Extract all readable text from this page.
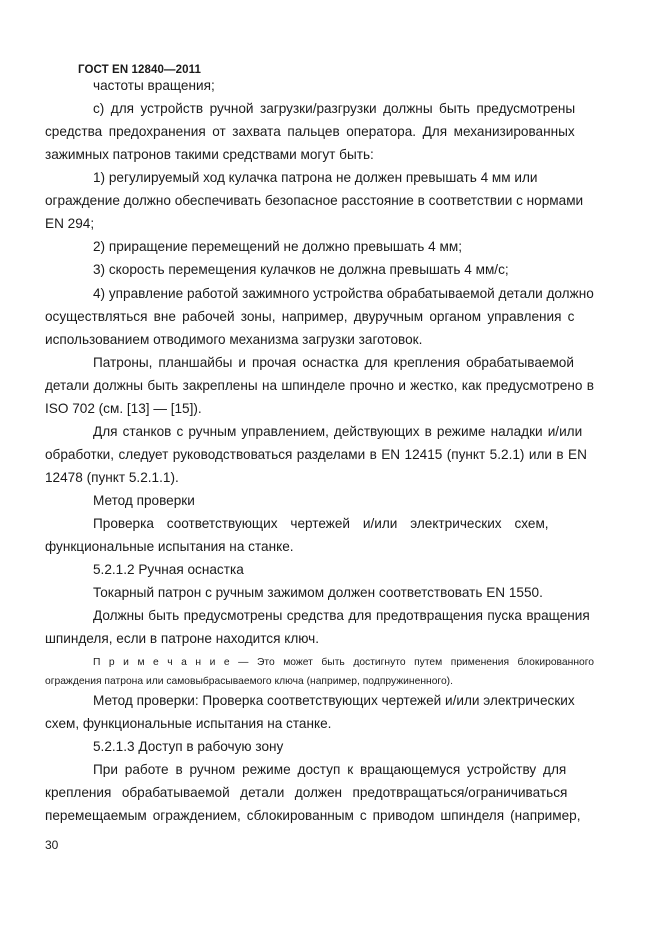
ГОСТ EN 12840—2011
частоты вращения;
c) для устройств ручной загрузки/разгрузки должны быть предусмотрены
средства предохранения от захвата пальцев оператора. Для механизированных
зажимных патронов такими средствами могут быть:
1) регулируемый ход кулачка патрона не должен превышать 4 мм или
ограждение должно обеспечивать безопасное расстояние в соответствии с нормами
EN 294;
2) приращение перемещений не должно превышать 4 мм;
3) скорость перемещения кулачков не должна превышать 4 мм/с;
4) управление работой зажимного устройства обрабатываемой детали должно
осуществляться вне рабочей зоны, например, двуручным органом управления с
использованием отводимого механизма загрузки заготовок.
Патроны, планшайбы и прочая оснастка для крепления обрабатываемой
детали должны быть закреплены на шпинделе прочно и жестко, как предусмотрено в
ISO 702 (см. [13] — [15]).
Для станков с ручным управлением, действующих в режиме наладки и/или
обработки, следует руководствоваться разделами в EN 12415 (пункт 5.2.1) или в EN
12478 (пункт 5.2.1.1).
Метод проверки
Проверка соответствующих чертежей и/или электрических схем,
функциональные испытания на станке.
5.2.1.2 Ручная оснастка
Токарный патрон с ручным зажимом должен соответствовать EN 1550.
Должны быть предусмотрены средства для предотвращения пуска вращения
шпинделя, если в патроне находится ключ.
П р и м е ч а н и е — Это может быть достигнуто путем применения блокированного
ограждения патрона или самовыбрасываемого ключа (например, подпружиненного).
Метод проверки: Проверка соответствующих чертежей и/или электрических
схем, функциональные испытания на станке.
5.2.1.3 Доступ в рабочую зону
При работе в ручном режиме доступ к вращающемуся устройству для
крепления обрабатываемой детали должен предотвращаться/ограничиваться
перемещаемым ограждением, сблокированным с приводом шпинделя (например,
30
